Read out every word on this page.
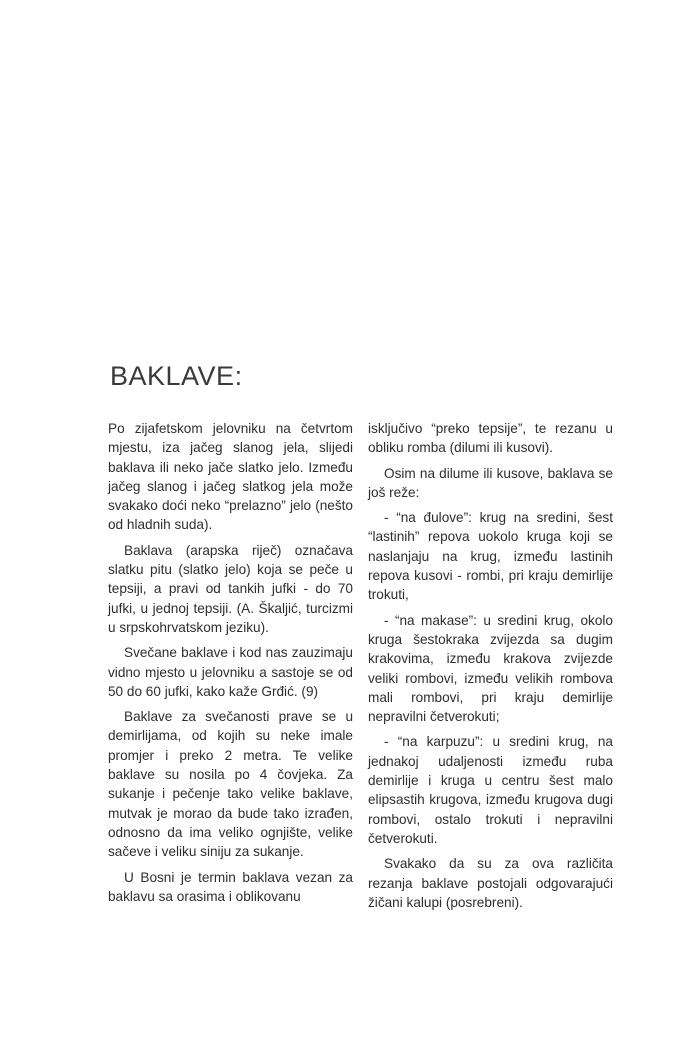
BAKLAVE:

Po zijafetskom jelovniku na četvrtom mjestu, iza jačeg slanog jela, slijedi baklava ili neko jače slatko jelo. Između jačeg slanog i jačeg slatkog jela može svakako doći neko “prelazno” jelo (nešto od hladnih suda).

Baklava (arapska riječ) označava slatku pitu (slatko jelo) koja se peče u tepsiji, a pravi od tankih jufki - do 70 jufki, u jednoj tepsiji. (A. Škaljić, turcizmi u srpskohrvatskom jeziku).

Svečane baklave i kod nas zauzimaju vidno mjesto u jelovniku a sastoje se od 50 do 60 jufki, kako kaže Grđić. (9)

Baklave za svečanosti prave se u demirlijama, od kojih su neke imale promjer i preko 2 metra. Te velike baklave su nosila po 4 čovjeka. Za sukanje i pečenje tako velike baklave, mutvak je morao da bude tako izrađen, odnosno da ima veliko ognjište, velike sačeve i veliku siniju za sukanje.

U Bosni je termin baklava vezan za baklavu sa orasima i oblikovanu

isključivo “preko tepsije”, te rezanu u obliku romba (dilumi ili kusovi).

Osim na dilume ili kusove, baklava se još reže:

- “na đulove”: krug na sredini, šest “lastinih” repova uokolo kruga koji se naslanjaju na krug, između lastinih repova kusovi - rombi, pri kraju demirlije trokuti,

- “na makase”: u sredini krug, okolo kruga šestokraka zvijezda sa dugim krakovima, između krakova zvijezde veliki rombovi, između velikih rombova mali rombovi, pri kraju demirlije nepravilni četverokuti;

- “na karpuzu”: u sredini krug, na jednakoj udaljenosti između ruba demirlije i kruga u centru šest malo elipsastih krugova, između krugova dugi rombovi, ostalo trokuti i nepravilni četverokuti.

Svakako da su za ova različita rezanja baklave postojali odgovarajući žičani kalupi (posrebreni).
